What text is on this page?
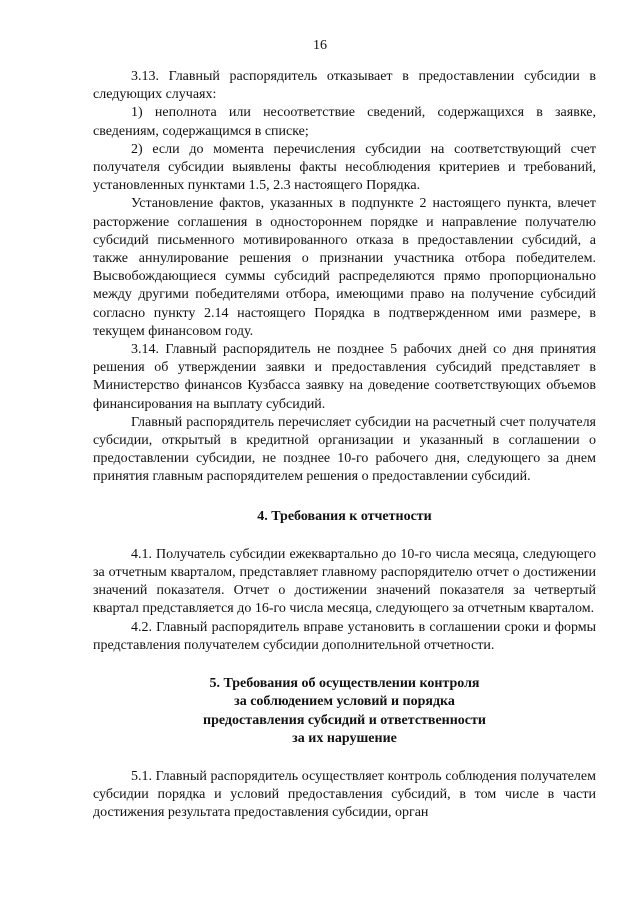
16

3.13. Главный распорядитель отказывает в предоставлении субсидии в следующих случаях:

1) неполнота или несоответствие сведений, содержащихся в заявке, сведениям, содержащимся в списке;

2) если до момента перечисления субсидии на соответствующий счет получателя субсидии выявлены факты несоблюдения критериев и требований, установленных пунктами 1.5, 2.3 настоящего Порядка.

Установление фактов, указанных в подпункте 2 настоящего пункта, влечет расторжение соглашения в одностороннем порядке и направление получателю субсидий письменного мотивированного отказа в предоставлении субсидий, а также аннулирование решения о признании участника отбора победителем. Высвобождающиеся суммы субсидий распределяются прямо пропорционально между другими победителями отбора, имеющими право на получение субсидий согласно пункту 2.14 настоящего Порядка в подтвержденном ими размере, в текущем финансовом году.

3.14. Главный распорядитель не позднее 5 рабочих дней со дня принятия решения об утверждении заявки и предоставления субсидий представляет в Министерство финансов Кузбасса заявку на доведение соответствующих объемов финансирования на выплату субсидий.

Главный распорядитель перечисляет субсидии на расчетный счет получателя субсидии, открытый в кредитной организации и указанный в соглашении о предоставлении субсидии, не позднее 10-го рабочего дня, следующего за днем принятия главным распорядителем решения о предоставлении субсидий.

4. Требования к отчетности

4.1. Получатель субсидии ежеквартально до 10-го числа месяца, следующего за отчетным кварталом, представляет главному распорядителю отчет о достижении значений показателя. Отчет о достижении значений показателя за четвертый квартал представляется до 16-го числа месяца, следующего за отчетным кварталом.

4.2. Главный распорядитель вправе установить в соглашении сроки и формы представления получателем субсидии дополнительной отчетности.

5. Требования об осуществлении контроля
за соблюдением условий и порядка
предоставления субсидий и ответственности
за их нарушение

5.1. Главный распорядитель осуществляет контроль соблюдения получателем субсидии порядка и условий предоставления субсидий, в том числе в части достижения результата предоставления субсидии, орган
